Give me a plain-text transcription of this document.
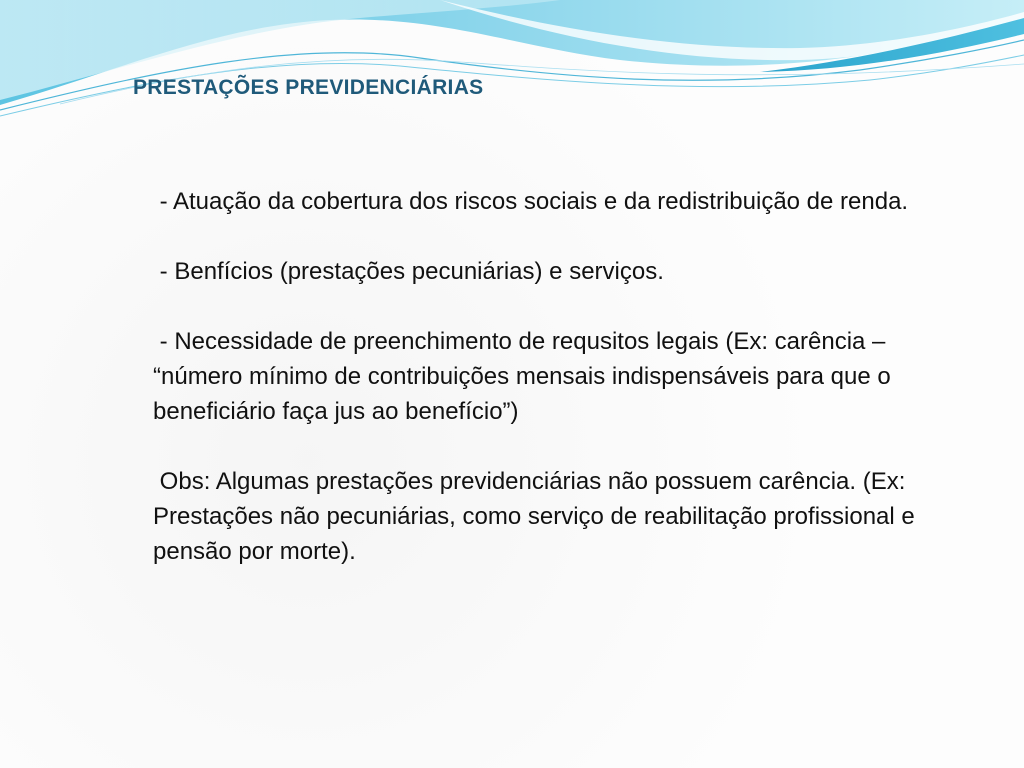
PRESTAÇÕES PREVIDENCIÁRIAS

- Atuação da cobertura dos riscos sociais e da redistribuição de renda.

- Benfícios (prestações pecuniárias) e serviços.

- Necessidade de preenchimento de requsitos legais (Ex: carência – “número mínimo de contribuições mensais indispensáveis para que o beneficiário faça jus ao benefício”)

Obs: Algumas prestações previdenciárias não possuem carência. (Ex: Prestações não pecuniárias, como serviço de reabilitação profissional e pensão por morte).
